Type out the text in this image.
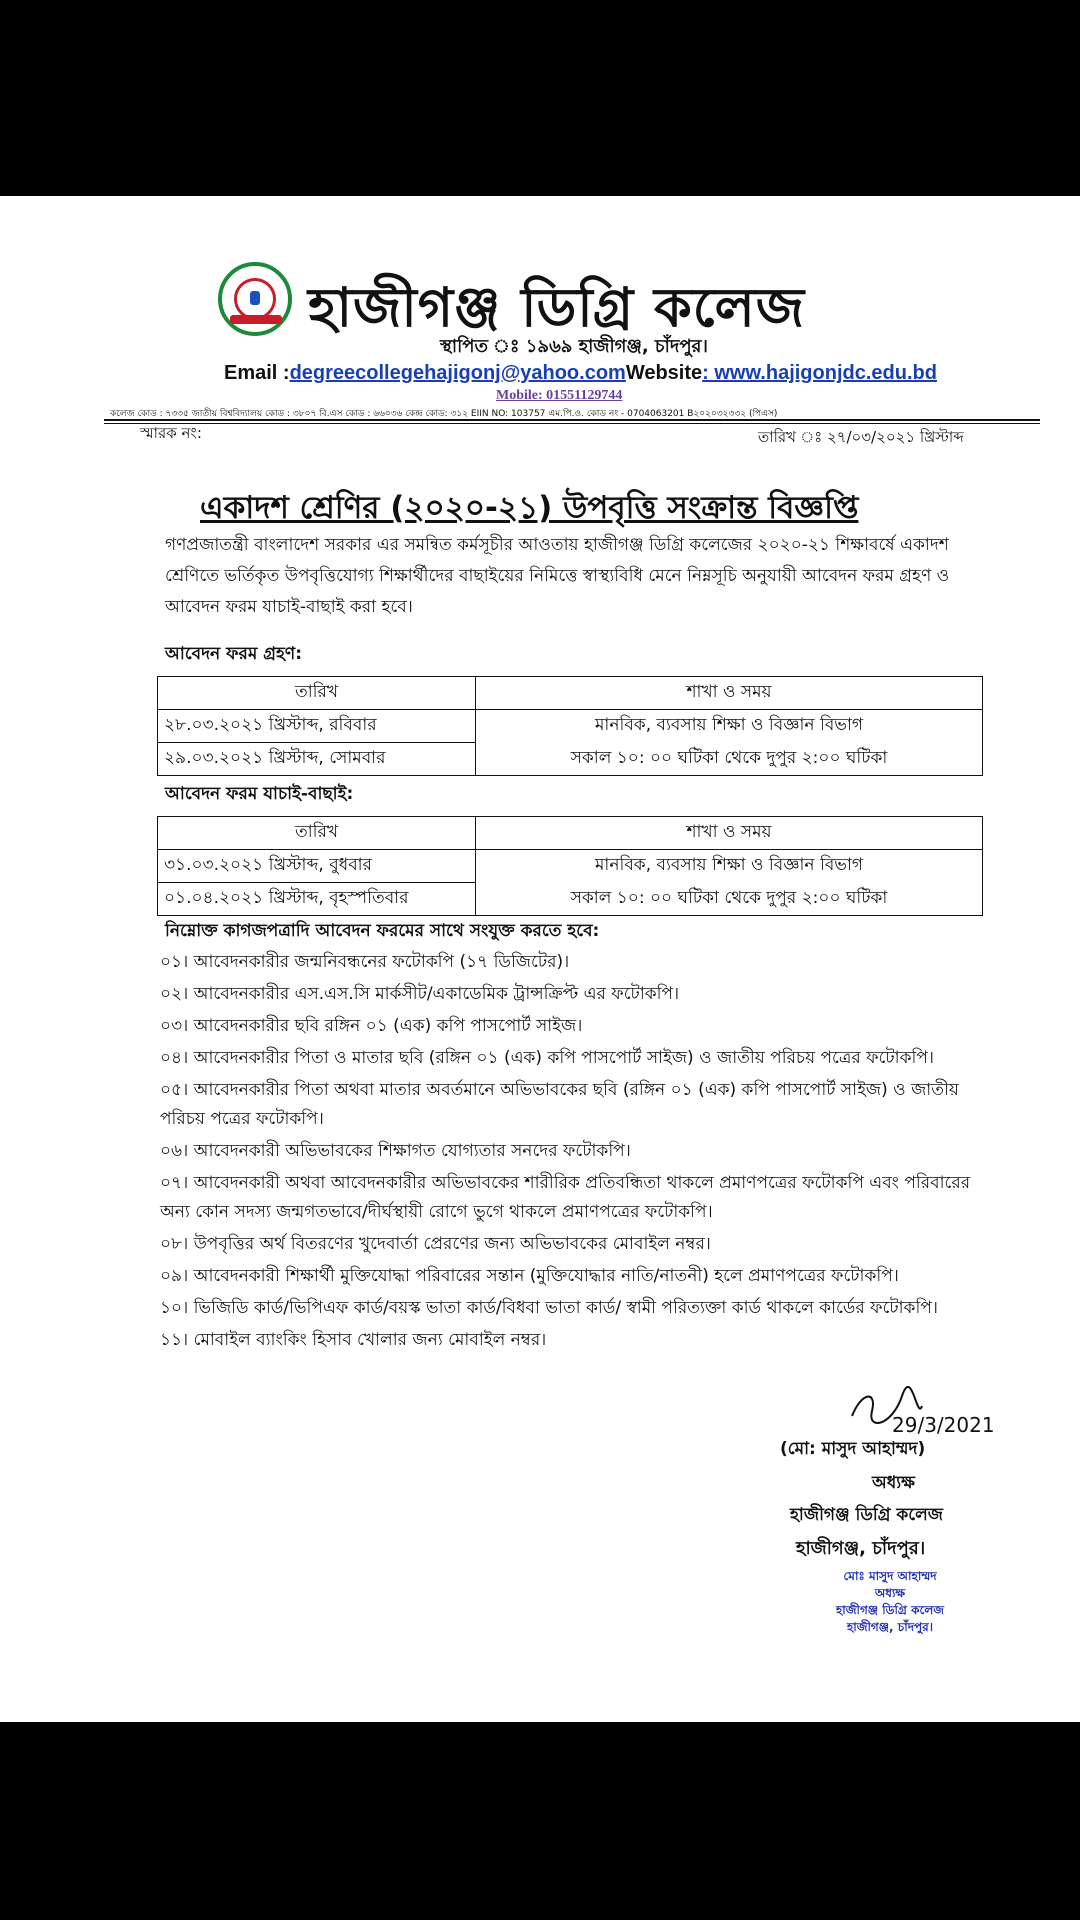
হাজীগঞ্জ ডিগ্রি কলেজ
স্থাপিত ঃ ১৯৬৯ হাজীগঞ্জ, চাঁদপুর।
Email :degreecollegehajigonj@yahoo.comWebsite: www.hajigonjdc.edu.bd
Mobile: 01551129744
কলেজ কোড : ৭৩৩৫ জাতীয় বিশ্ববিদ্যালয় কোড : ৩৮০৭ বি.এস কোড : ৬৬০৩৬ কেন্দ্র কোড: ৩১২ EIIN NO: 103757 এম.পি.ও. কোড নং - 0704063201 B২০২০৩২৩৩২ (পিএস)
স্মারক নং:	তারিখ ঃ ২৭/০৩/২০২১ খ্রিস্টাব্দ
একাদশ শ্রেণির (২০২০-২১) উপবৃত্তি সংক্রান্ত বিজ্ঞপ্তি
গণপ্রজাতন্ত্রী বাংলাদেশ সরকার এর সমন্বিত কর্মসূচীর আওতায় হাজীগঞ্জ ডিগ্রি কলেজের ২০২০-২১ শিক্ষাবর্ষে একাদশ শ্রেণিতে ভর্তিকৃত উপবৃত্তিযোগ্য শিক্ষার্থীদের বাছাইয়ের নিমিত্তে স্বাস্থ্যবিধি মেনে নিম্নসূচি অনুযায়ী আবেদন ফরম গ্রহণ ও আবেদন ফরম যাচাই-বাছাই করা হবে।
আবেদন ফরম গ্রহণ:
তারিখ	শাখা ও সময়
২৮.০৩.২০২১ খ্রিস্টাব্দ, রবিবার	মানবিক, ব্যবসায় শিক্ষা ও বিজ্ঞান বিভাগ
২৯.০৩.২০২১ খ্রিস্টাব্দ, সোমবার	সকাল ১০: ০০ ঘটিকা থেকে দুপুর ২:০০ ঘটিকা
আবেদন ফরম যাচাই-বাছাই:
তারিখ	শাখা ও সময়
৩১.০৩.২০২১ খ্রিস্টাব্দ, বুধবার	মানবিক, ব্যবসায় শিক্ষা ও বিজ্ঞান বিভাগ
০১.০৪.২০২১ খ্রিস্টাব্দ, বৃহস্পতিবার	সকাল ১০: ০০ ঘটিকা থেকে দুপুর ২:০০ ঘটিকা
নিম্নোক্ত কাগজপত্রাদি আবেদন ফরমের সাথে সংযুক্ত করতে হবে:
০১। আবেদনকারীর জন্মনিবন্ধনের ফটোকপি (১৭ ডিজিটের)।
০২। আবেদনকারীর এস.এস.সি মার্কসীট/একাডেমিক ট্রান্সক্রিপ্ট এর ফটোকপি।
০৩। আবেদনকারীর ছবি রঙ্গিন ০১ (এক) কপি পাসপোর্ট সাইজ।
০৪। আবেদনকারীর পিতা ও মাতার ছবি (রঙ্গিন ০১ (এক) কপি পাসপোর্ট সাইজ) ও জাতীয় পরিচয় পত্রের ফটোকপি।
০৫। আবেদনকারীর পিতা অথবা মাতার অবর্তমানে অভিভাবকের ছবি (রঙ্গিন ০১ (এক) কপি পাসপোর্ট সাইজ) ও জাতীয় পরিচয় পত্রের ফটোকপি।
০৬। আবেদনকারী অভিভাবকের শিক্ষাগত যোগ্যতার সনদের ফটোকপি।
০৭। আবেদনকারী অথবা আবেদনকারীর অভিভাবকের শারীরিক প্রতিবন্ধিতা থাকলে প্রমাণপত্রের ফটোকপি এবং পরিবারের অন্য কোন সদস্য জন্মগতভাবে/দীর্ঘস্থায়ী রোগে ভুগে থাকলে প্রমাণপত্রের ফটোকপি।
০৮। উপবৃত্তির অর্থ বিতরণের খুদেবার্তা প্রেরণের জন্য অভিভাবকের মোবাইল নম্বর।
০৯। আবেদনকারী শিক্ষার্থী মুক্তিযোদ্ধা পরিবারের সন্তান (মুক্তিযোদ্ধার নাতি/নাতনী) হলে প্রমাণপত্রের ফটোকপি।
১০। ভিজিডি কার্ড/ভিপিএফ কার্ড/বয়স্ক ভাতা কার্ড/বিধবা ভাতা কার্ড/ স্বামী পরিত্যক্তা কার্ড থাকলে কার্ডের ফটোকপি।
১১। মোবাইল ব্যাংকিং হিসাব খোলার জন্য মোবাইল নম্বর।
29/3/2021
(মো: মাসুদ আহাম্মদ)
অধ্যক্ষ
হাজীগঞ্জ ডিগ্রি কলেজ
হাজীগঞ্জ, চাঁদপুর।
মোঃ মাসুদ আহাম্মদ
অধ্যক্ষ
হাজীগঞ্জ ডিগ্রি কলেজ
হাজীগঞ্জ, চাঁদপুর।
